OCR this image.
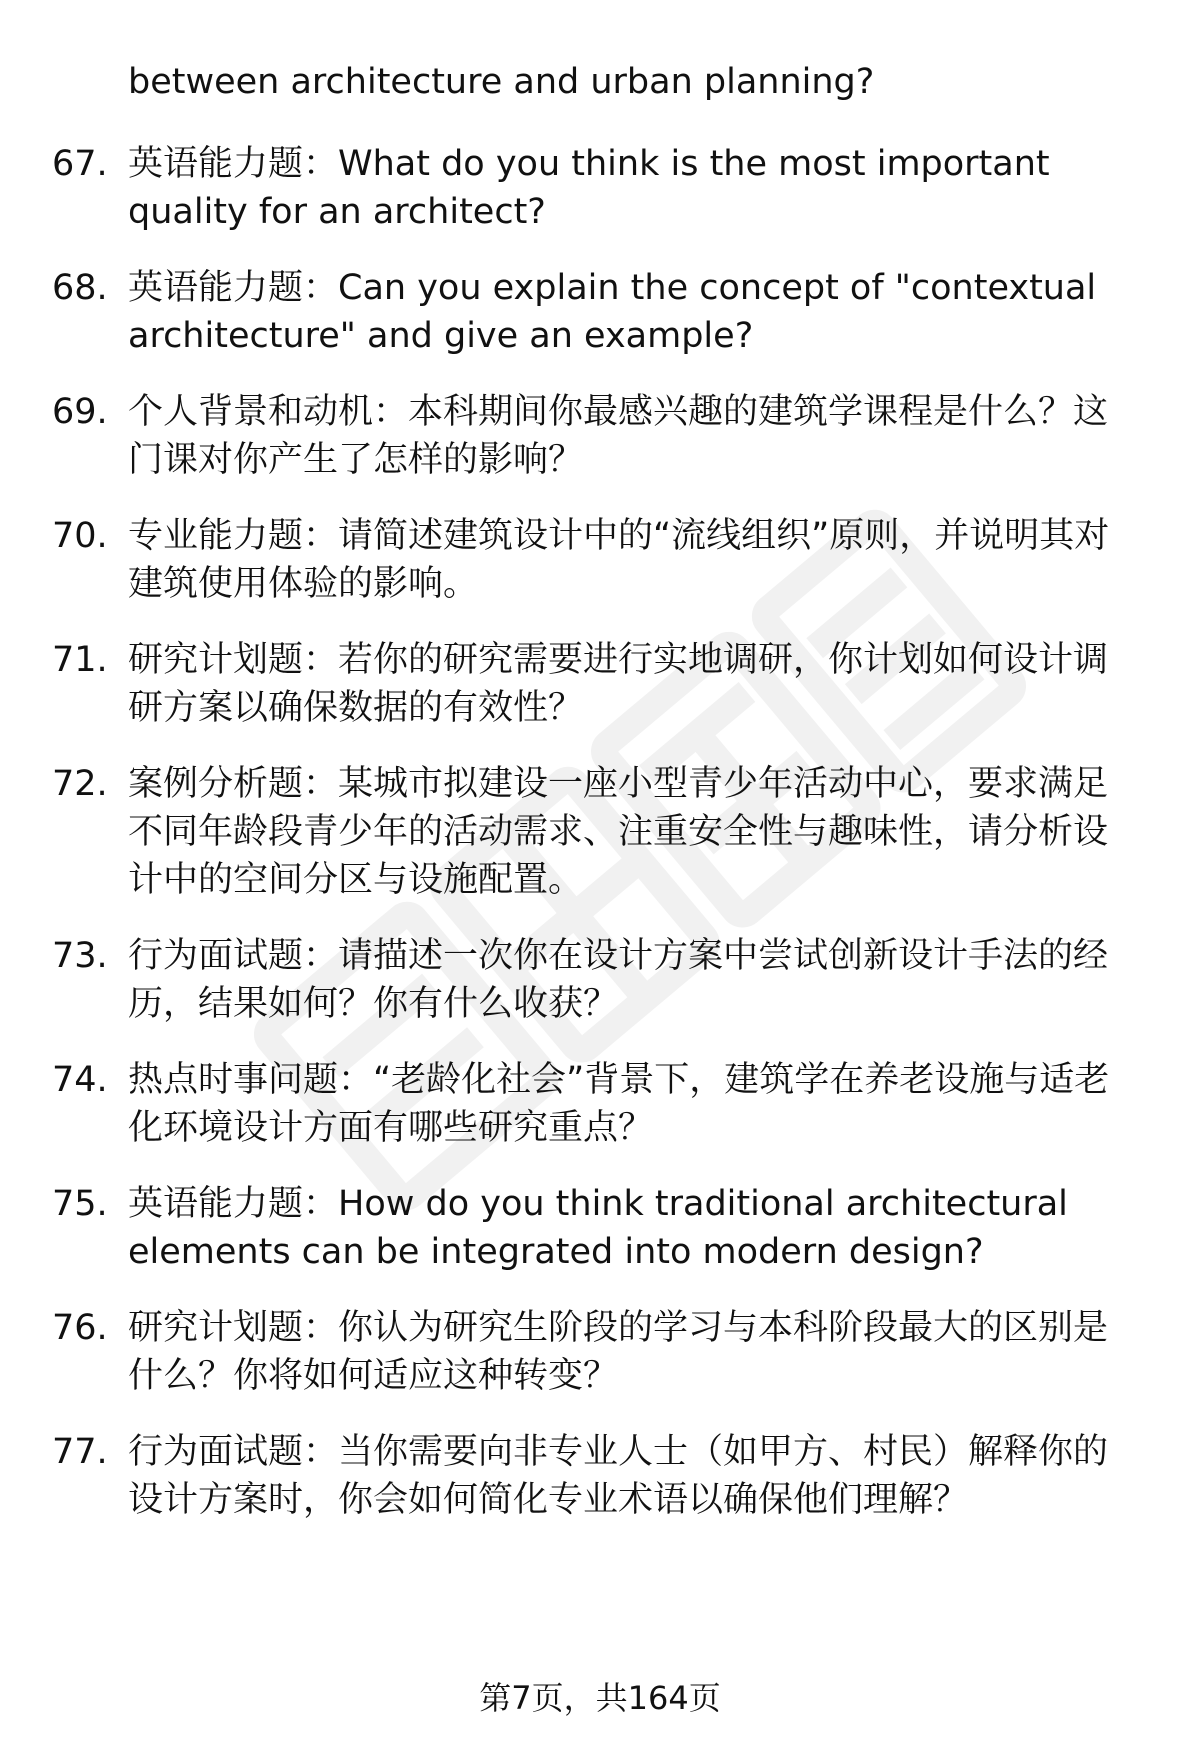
between architecture and urban planning?

67. 英语能力题：What do you think is the most important quality for an architect?
68. 英语能力题：Can you explain the concept of "contextual architecture" and give an example?
69. 个人背景和动机：本科期间你最感兴趣的建筑学课程是什么？这门课对你产生了怎样的影响？
70. 专业能力题：请简述建筑设计中的“流线组织”原则，并说明其对建筑使用体验的影响。
71. 研究计划题：若你的研究需要进行实地调研，你计划如何设计调研方案以确保数据的有效性？
72. 案例分析题：某城市拟建设一座小型青少年活动中心，要求满足不同年龄段青少年的活动需求、注重安全性与趣味性，请分析设计中的空间分区与设施配置。
73. 行为面试题：请描述一次你在设计方案中尝试创新设计手法的经历，结果如何？你有什么收获？
74. 热点时事问题：“老龄化社会”背景下，建筑学在养老设施与适老化环境设计方面有哪些研究重点？
75. 英语能力题：How do you think traditional architectural elements can be integrated into modern design?
76. 研究计划题：你认为研究生阶段的学习与本科阶段最大的区别是什么？你将如何适应这种转变？
77. 行为面试题：当你需要向非专业人士（如甲方、村民）解释你的设计方案时，你会如何简化专业术语以确保他们理解？

第7页，共164页
